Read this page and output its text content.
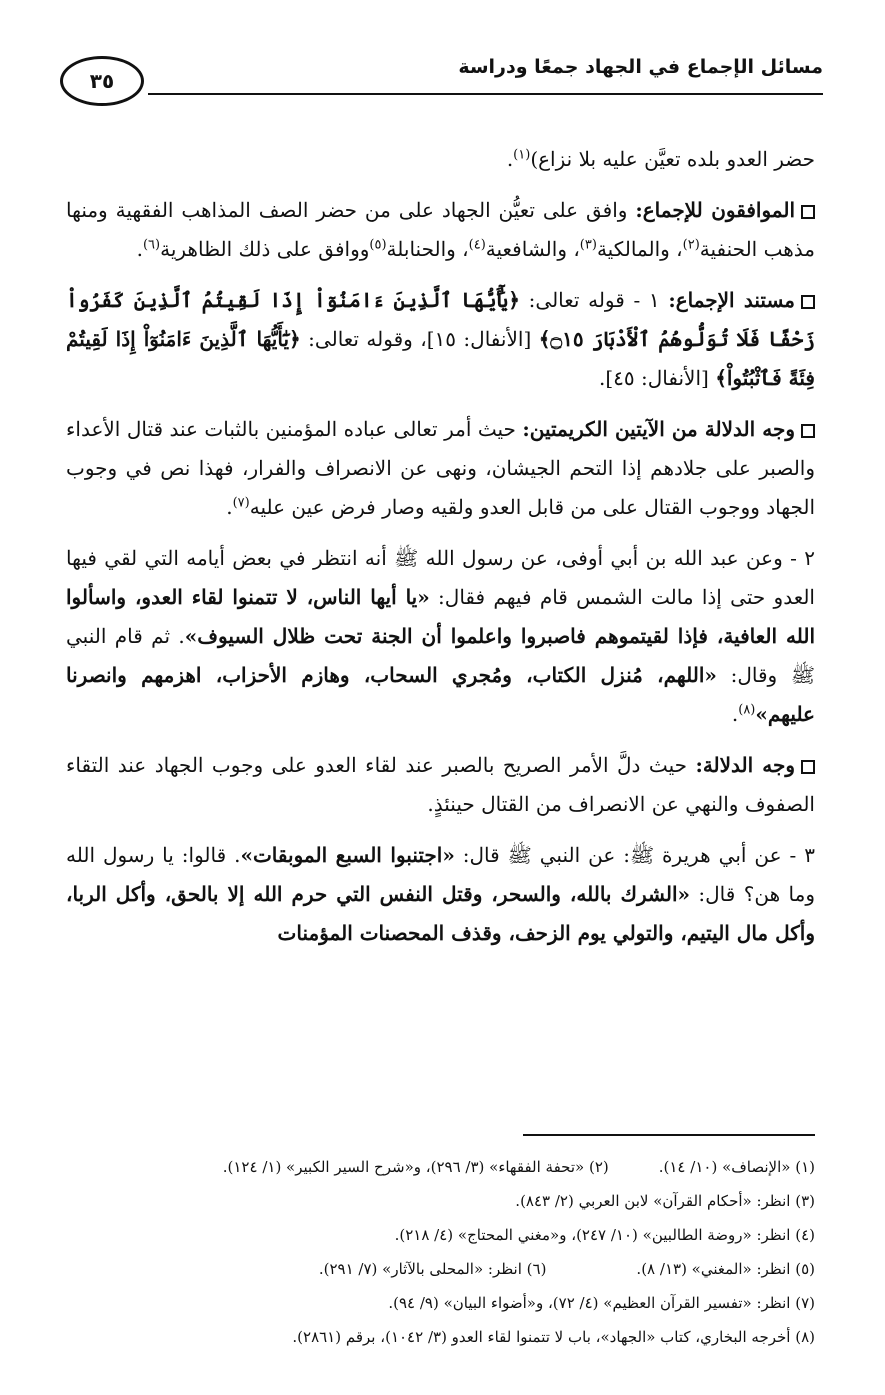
مسائل الإجماع في الجهاد جمعًا ودراسة
٣٥
حضر العدو بلده تعيَّن عليه بلا نزاع)$^{(١)}$.
الموافقون للإجماع: وافق على تعيُّن الجهاد على من حضر الصف المذاهب الفقهية ومنها مذهب الحنفية$^{(٢)}$، والمالكية$^{(٣)}$، والشافعية$^{(٤)}$، والحنابلة$^{(٥)}$ووافق على ذلك الظاهرية$^{(٦)}$.
مستند الإجماع: ١ - قوله تعالى: ﴿يَٰٓأَيُّهَا ٱلَّذِينَ ءَامَنُوٓاْ إِذَا لَقِيتُمُ ٱلَّذِينَ كَفَرُواْ زَحْفًا فَلَا تُوَلُّوهُمُ ٱلْأَدْبَارَ ۝١٥﴾ [الأنفال: ١٥]، وقوله تعالى: ﴿يَٰٓأَيُّهَا ٱلَّذِينَ ءَامَنُوٓاْ إِذَا لَقِيتُمْ فِئَةً فَٱثْبُتُواْ﴾ [الأنفال: ٤٥].
وجه الدلالة من الآيتين الكريمتين: حيث أمر تعالى عباده المؤمنين بالثبات عند قتال الأعداء والصبر على جلادهم إذا التحم الجيشان، ونهى عن الانصراف والفرار، فهذا نص في وجوب الجهاد ووجوب القتال على من قابل العدو ولقيه وصار فرض عين عليه$^{(٧)}$.
٢ - وعن عبد الله بن أبي أوفى، عن رسول الله ﷺ أنه انتظر في بعض أيامه التي لقي فيها العدو حتى إذا مالت الشمس قام فيهم فقال: «يا أيها الناس، لا تتمنوا لقاء العدو، واسألوا الله العافية، فإذا لقيتموهم فاصبروا واعلموا أن الجنة تحت ظلال السيوف». ثم قام النبي ﷺ وقال: «اللهم، مُنزل الكتاب، ومُجري السحاب، وهازم الأحزاب، اهزمهم وانصرنا عليهم»$^{(٨)}$.
وجه الدلالة: حيث دلَّ الأمر الصريح بالصبر عند لقاء العدو على وجوب الجهاد عند التقاء الصفوف والنهي عن الانصراف من القتال حينئذٍ.
٣ - عن أبي هريرة ﷺ: عن النبي ﷺ قال: «اجتنبوا السبع الموبقات». قالوا: يا رسول الله وما هن؟ قال: «الشرك بالله، والسحر، وقتل النفس التي حرم الله إلا بالحق، وأكل الربا، وأكل مال اليتيم، والتولي يوم الزحف، وقذف المحصنات المؤمنات
(١) «الإنصاف» (١٠/ ١٤).(٢) «تحفة الفقهاء» (٣/ ٢٩٦)، و«شرح السير الكبير» (١/ ١٢٤).
(٣) انظر: «أحكام القرآن» لابن العربي (٢/ ٨٤٣).
(٤) انظر: «روضة الطالبين» (١٠/ ٢٤٧)، و«مغني المحتاج» (٤/ ٢١٨).
(٥) انظر: «المغني» (١٣/ ٨).(٦) انظر: «المحلى بالآثار» (٧/ ٢٩١).
(٧) انظر: «تفسير القرآن العظيم» (٤/ ٧٢)، و«أضواء البيان» (٩/ ٩٤).
(٨) أخرجه البخاري، كتاب «الجهاد»، باب لا تتمنوا لقاء العدو (٣/ ١٠٤٢)، برقم (٢٨٦١).
